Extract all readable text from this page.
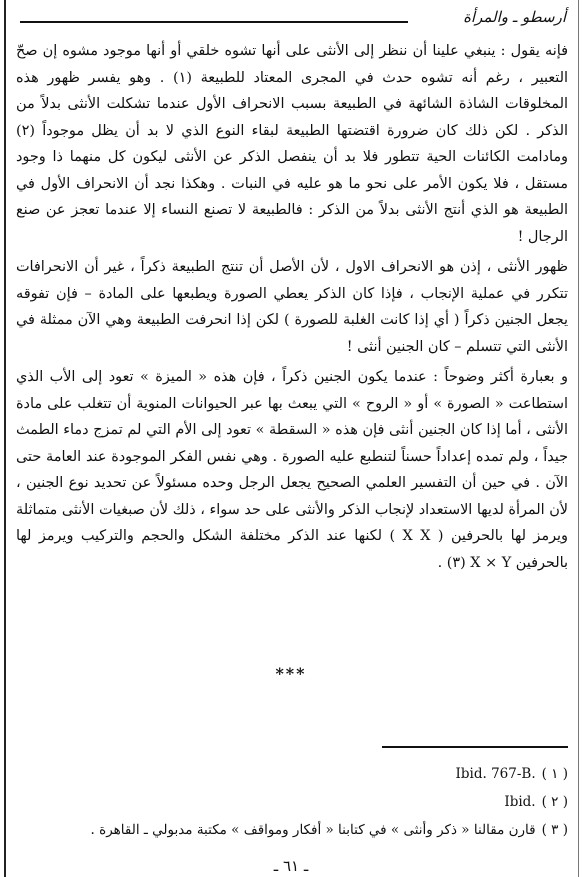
أرسطو ـ والمرأة

فإنه يقول : ينبغي علينا أن ننظر إلى الأنثى على أنها تشوه خلقي أو أنها موجود مشوه إن صحّ التعبير ، رغم أنه تشوه حدث في المجرى المعتاد للطبيعة (١) . وهو يفسر ظهور هذه المخلوقات الشاذة الشائهة في الطبيعة بسبب الانحراف الأول عندما تشكلت الأنثى بدلاً من الذكر . لكن ذلك كان ضرورة اقتضتها الطبيعة لبقاء النوع الذي لا بد أن يظل موجوداً (٢) ومادامت الكائنات الحية تتطور فلا بد أن ينفصل الذكر عن الأنثى ليكون كل منهما ذا وجود مستقل ، فلا يكون الأمر على نحو ما هو عليه في النبات . وهكذا نجد أن الانحراف الأول في الطبيعة هو الذي أنتج الأنثى بدلاً من الذكر : فالطبيعة لا تصنع النساء إلا عندما تعجز عن صنع الرجال !

ظهور الأنثى ، إذن هو الانحراف الاول ، لأن الأصل أن تنتج الطبيعة ذكراً ، غير أن الانحرافات تتكرر في عملية الإنجاب ، فإذا كان الذكر يعطي الصورة ويطبعها على المادة – فإن تفوقه يجعل الجنين ذكراً ( أي إذا كانت الغلبة للصورة ) لكن إذا انحرفت الطبيعة وهي الآن ممثلة في الأنثى التي تتسلم – كان الجنين أنثى !

و بعبارة أكثر وضوحاً : عندما يكون الجنين ذكراً ، فإن هذه « الميزة » تعود إلى الأب الذي استطاعت « الصورة » أو « الروح » التي يبعث بها عبر الحيوانات المنوية أن تتغلب على مادة الأنثى ، أما إذا كان الجنين أنثى فإن هذه « السقطة » تعود إلى الأم التي لم تمزج دماء الطمث جيداً ، ولم تمده إعداداً حسناً لتنطبع عليه الصورة . وهي نفس الفكر الموجودة عند العامة حتى الآن . في حين أن التفسير العلمي الصحيح يجعل الرجل وحده مسئولاً عن تحديد نوع الجنين ، لأن المرأة لديها الاستعداد لإنجاب الذكر والأنثى على حد سواء ، ذلك لأن صبغيات الأنثى متماثلة ويرمز لها بالحرفين ( X X ) لكنها عند الذكر مختلفة الشكل والحجم والتركيب ويرمز لها بالحرفين X × Y (٣) .

***
( ١ )Ibid. 767-B.
( ٢ )Ibid.
( ٣ )قارن مقالنا « ذكر وأنثى » في كتابنا « أفكار ومواقف » مكتبة مدبولي ـ القاهرة .
ـ ٦١ ـ
